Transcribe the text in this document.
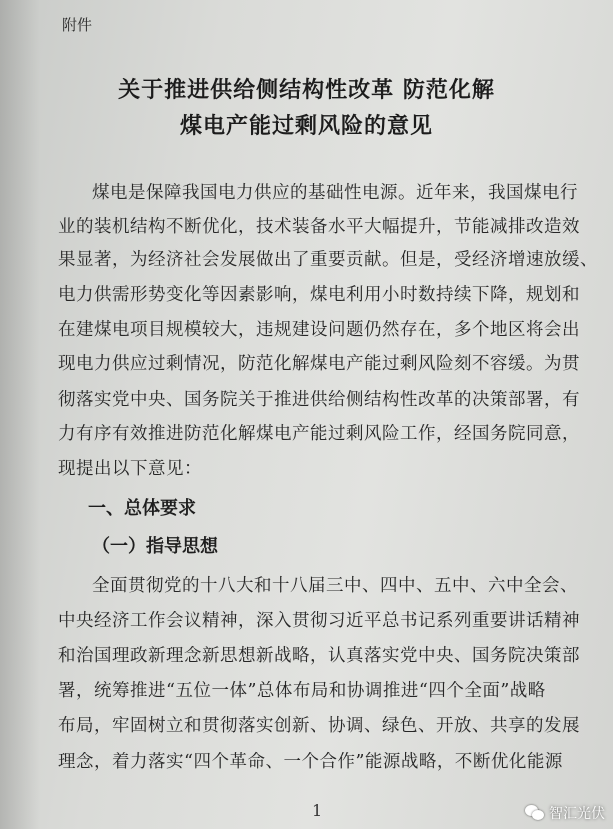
附件
关于推进供给侧结构性改革 防范化解
煤电产能过剩风险的意见
煤电是保障我国电力供应的基础性电源。近年来，我国煤电行
业的装机结构不断优化，技术装备水平大幅提升，节能减排改造效
果显著，为经济社会发展做出了重要贡献。但是，受经济增速放缓、
电力供需形势变化等因素影响，煤电利用小时数持续下降，规划和
在建煤电项目规模较大，违规建设问题仍然存在，多个地区将会出
现电力供应过剩情况，防范化解煤电产能过剩风险刻不容缓。为贯
彻落实党中央、国务院关于推进供给侧结构性改革的决策部署，有
力有序有效推进防范化解煤电产能过剩风险工作，经国务院同意，
现提出以下意见：
一、总体要求
（一）指导思想
全面贯彻党的十八大和十八届三中、四中、五中、六中全会、
中央经济工作会议精神，深入贯彻习近平总书记系列重要讲话精神
和治国理政新理念新思想新战略，认真落实党中央、国务院决策部
署，统筹推进“五位一体”总体布局和协调推进“四个全面”战略
布局，牢固树立和贯彻落实创新、协调、绿色、开放、共享的发展
理念，着力落实“四个革命、一个合作”能源战略，不断优化能源
1	智汇光伏
